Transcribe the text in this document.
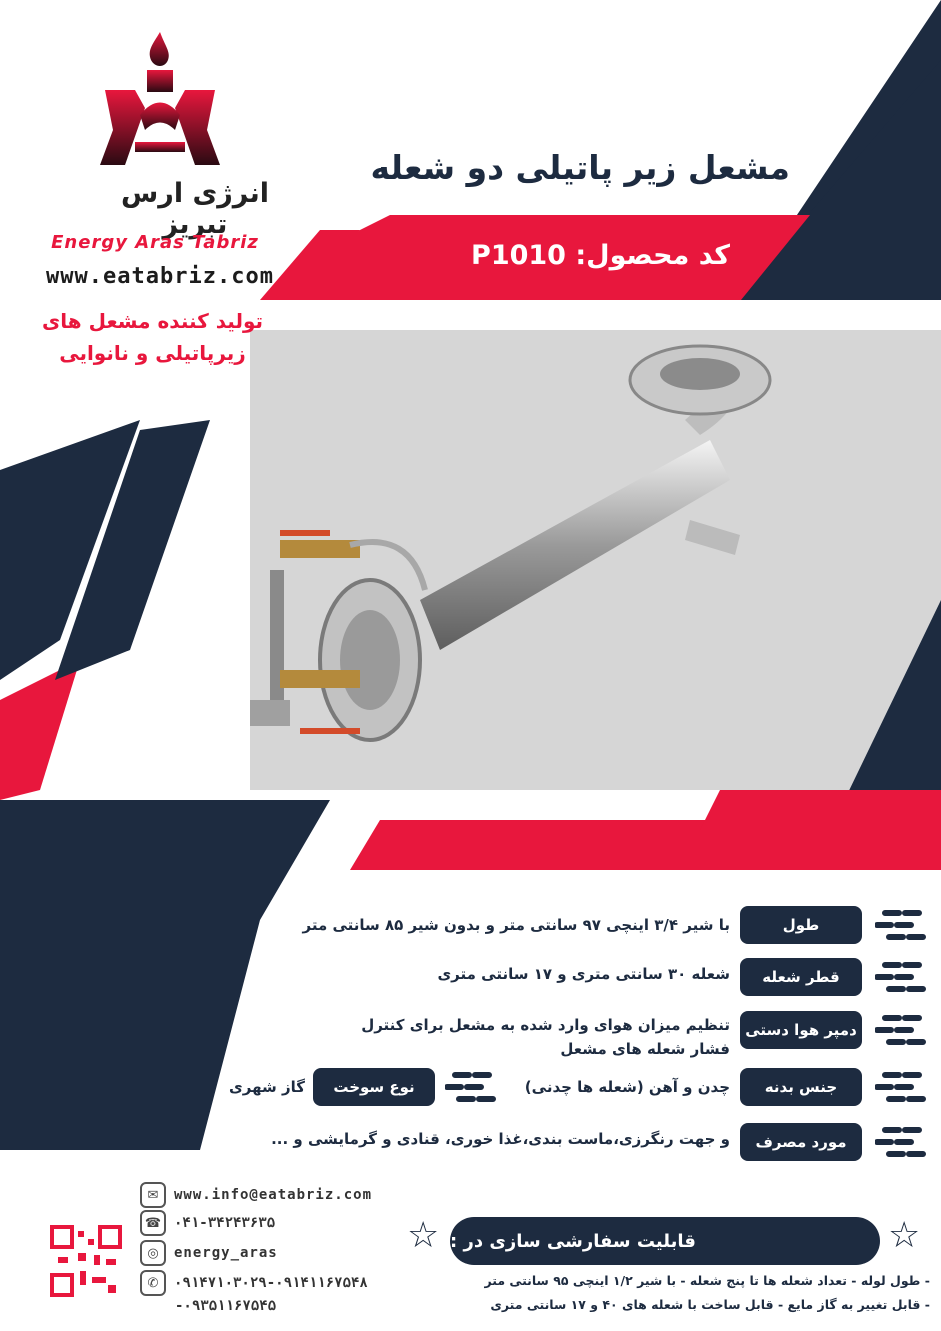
انرژی ارس تبریز
Energy Aras Tabriz
www.eatabriz.com
تولید کننده مشعل های
زیرپاتیلی و نانوایی
مشعل زیر پاتیلی دو شعله
کد محصول: P1010
طول
با شیر ۳/۴ اینچی ۹۷ سانتی متر و بدون شیر ۸۵ سانتی متر
قطر شعله
شعله ۳۰ سانتی متری و ۱۷ سانتی متری
دمپر هوا دستی
تنظیم میزان هوای وارد شده به مشعل برای کنترل فشار شعله های مشعل
جنس بدنه
چدن و آهن (شعله ها چدنی)
نوع سوخت
گاز شهری
مورد مصرف
و جهت رنگرزی،ماست بندی،غذا خوری، قنادی و گرمایشی و ...
✉	www.info@eatabriz.com
☎ ۰۴۱-۳۴۲۴۳۶۳۵
◎	energy_aras
✆	۰۹۱۴۷۱۰۳۰۲۹-۰۹۱۴۱۱۶۷۵۴۸
-۰۹۳۵۱۱۶۷۵۴۵
☆
☆ قابلیت سفارشی سازی در :
- طول لوله - تعداد شعله ها تا پنج شعله - با شیر ۱/۲ اینچی ۹۵ سانتی متر
- قابل تغییر به گاز مایع - قابل ساخت با شعله های ۴۰ و ۱۷ سانتی متری
